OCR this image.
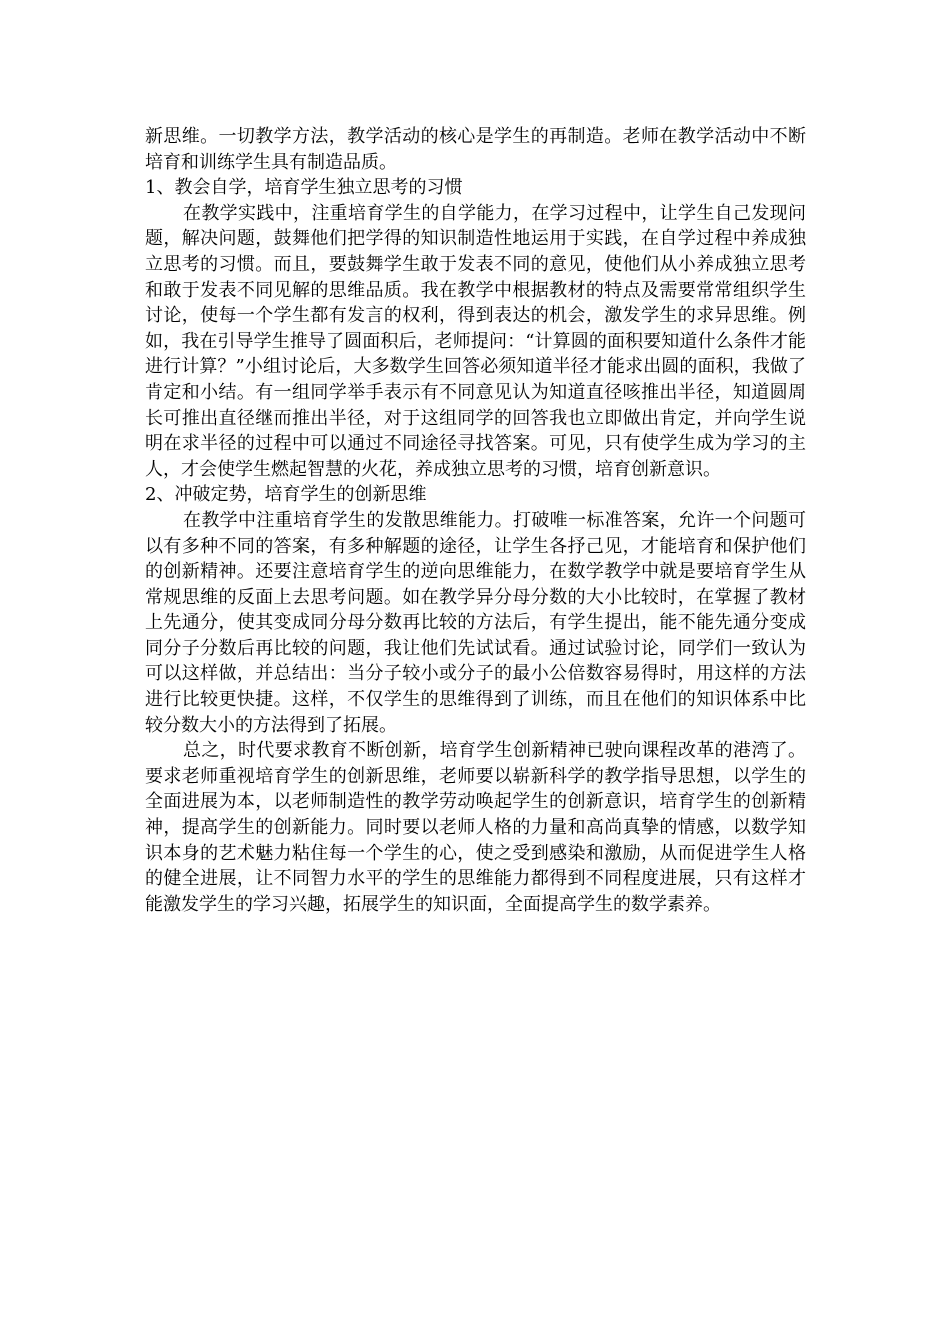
新思维。一切教学方法，教学活动的核心是学生的再制造。老师在教学活动中不断培育和训练学生具有制造品质。

1、教会自学，培育学生独立思考的习惯

在教学实践中，注重培育学生的自学能力，在学习过程中，让学生自己发现问题，解决问题，鼓舞他们把学得的知识制造性地运用于实践，在自学过程中养成独立思考的习惯。而且，要鼓舞学生敢于发表不同的意见，使他们从小养成独立思考和敢于发表不同见解的思维品质。我在教学中根据教材的特点及需要常常组织学生讨论，使每一个学生都有发言的权利，得到表达的机会，激发学生的求异思维。例如，我在引导学生推导了圆面积后，老师提问：“计算圆的面积要知道什么条件才能进行计算？”小组讨论后，大多数学生回答必须知道半径才能求出圆的面积，我做了肯定和小结。有一组同学举手表示有不同意见认为知道直径咳推出半径，知道圆周长可推出直径继而推出半径，对于这组同学的回答我也立即做出肯定，并向学生说明在求半径的过程中可以通过不同途径寻找答案。可见，只有使学生成为学习的主人，才会使学生燃起智慧的火花，养成独立思考的习惯，培育创新意识。

2、冲破定势，培育学生的创新思维

在教学中注重培育学生的发散思维能力。打破唯一标准答案，允许一个问题可以有多种不同的答案，有多种解题的途径，让学生各抒己见，才能培育和保护他们的创新精神。还要注意培育学生的逆向思维能力，在数学教学中就是要培育学生从常规思维的反面上去思考问题。如在教学异分母分数的大小比较时，在掌握了教材上先通分，使其变成同分母分数再比较的方法后，有学生提出，能不能先通分变成同分子分数后再比较的问题，我让他们先试试看。通过试验讨论，同学们一致认为可以这样做，并总结出：当分子较小或分子的最小公倍数容易得时，用这样的方法进行比较更快捷。这样，不仅学生的思维得到了训练，而且在他们的知识体系中比较分数大小的方法得到了拓展。

总之，时代要求教育不断创新，培育学生创新精神已驶向课程改革的港湾了。要求老师重视培育学生的创新思维，老师要以崭新科学的教学指导思想，以学生的全面进展为本，以老师制造性的教学劳动唤起学生的创新意识，培育学生的创新精神，提高学生的创新能力。同时要以老师人格的力量和高尚真挚的情感，以数学知识本身的艺术魅力粘住每一个学生的心，使之受到感染和激励，从而促进学生人格的健全进展，让不同智力水平的学生的思维能力都得到不同程度进展，只有这样才能激发学生的学习兴趣，拓展学生的知识面，全面提高学生的数学素养。
